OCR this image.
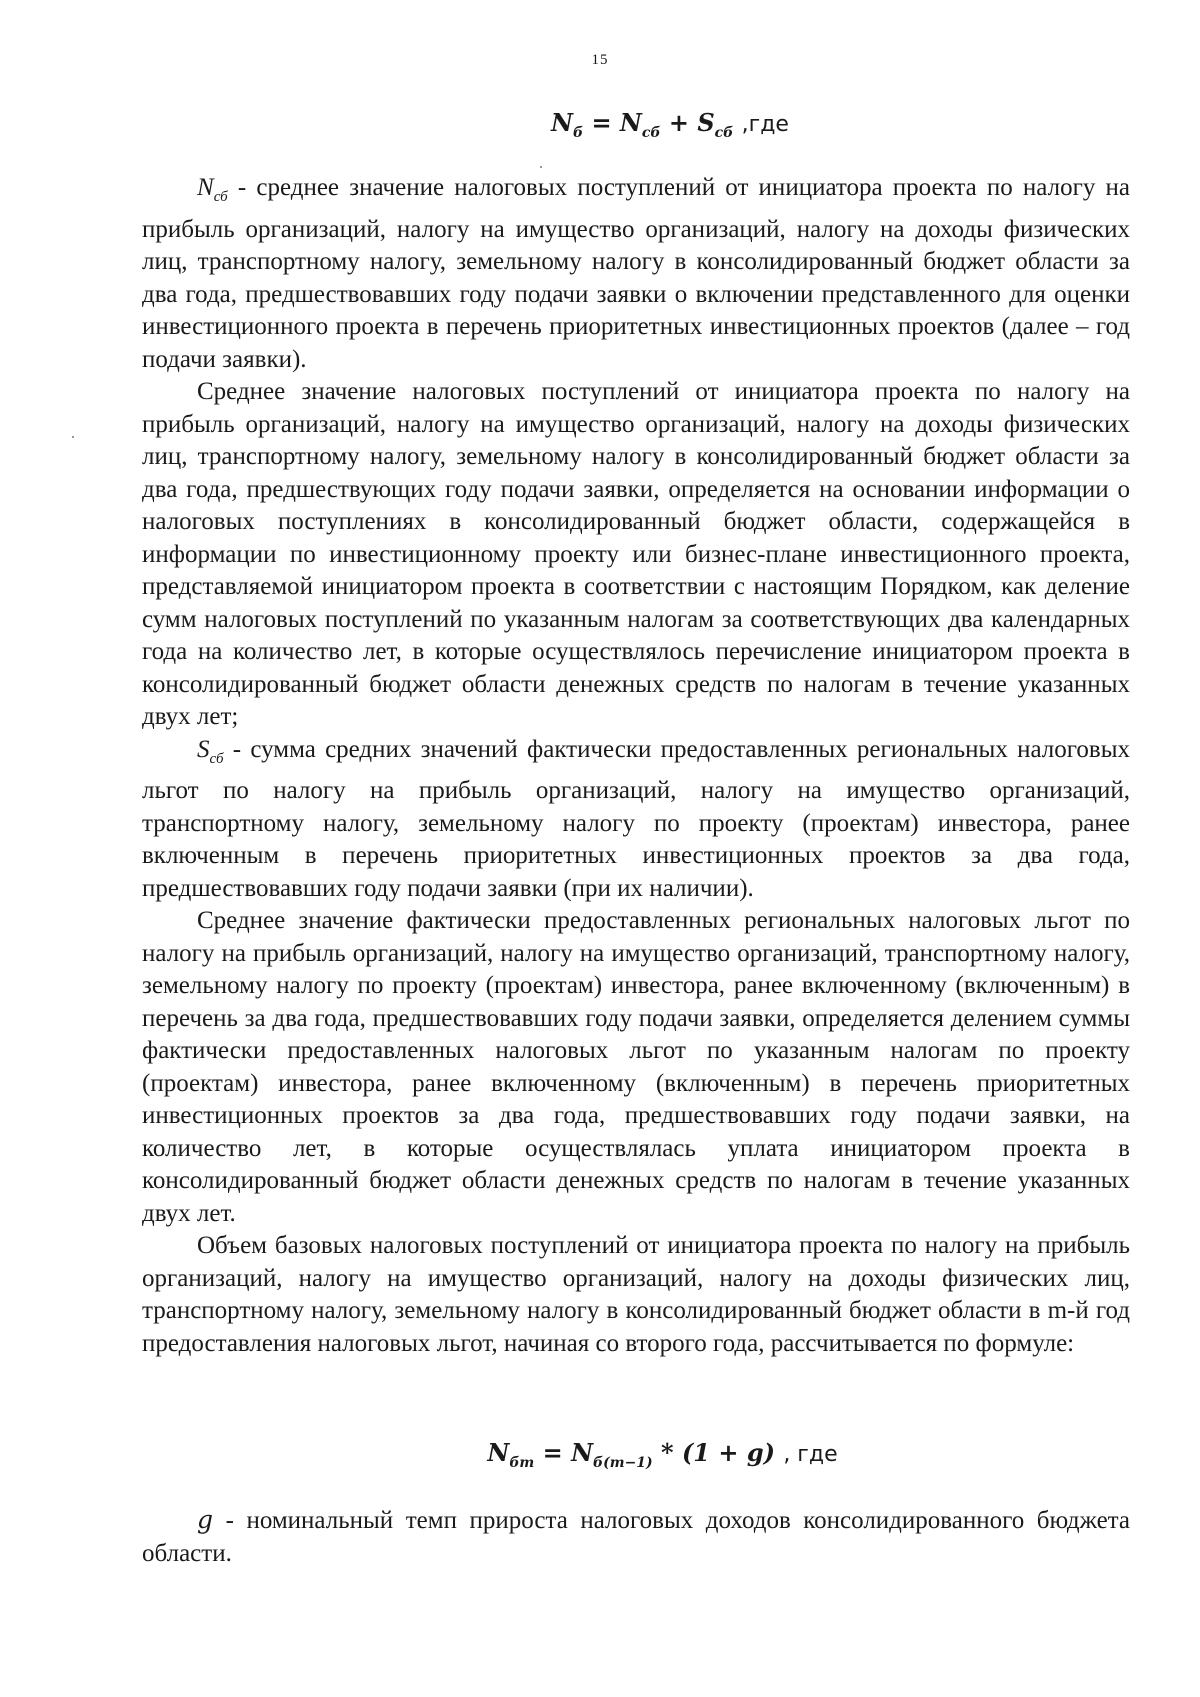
15
$N_б = N_{сб} + S_{сб}$ ,где

$N_{сб}$ - среднее значение налоговых поступлений от инициатора проекта по налогу на прибыль организаций, налогу на имущество организаций, налогу на доходы физических лиц, транспортному налогу, земельному налогу в консолидированный бюджет области за два года, предшествовавших году подачи заявки о включении представленного для оценки инвестиционного проекта в перечень приоритетных инвестиционных проектов (далее – год подачи заявки).

Среднее значение налоговых поступлений от инициатора проекта по налогу на прибыль организаций, налогу на имущество организаций, налогу на доходы физических лиц, транспортному налогу, земельному налогу в консолидированный бюджет области за два года, предшествующих году подачи заявки, определяется на основании информации о налоговых поступлениях в консолидированный бюджет области, содержащейся в информации по инвестиционному проекту или бизнес-плане инвестиционного проекта, представляемой инициатором проекта в соответствии с настоящим Порядком, как деление сумм налоговых поступлений по указанным налогам за соответствующих два календарных года на количество лет, в которые осуществлялось перечисление инициатором проекта в консолидированный бюджет области денежных средств по налогам в течение указанных двух лет;

$S_{сб}$ - сумма средних значений фактически предоставленных региональных налоговых льгот по налогу на прибыль организаций, налогу на имущество организаций, транспортному налогу, земельному налогу по проекту (проектам) инвестора, ранее включенным в перечень приоритетных инвестиционных проектов за два года, предшествовавших году подачи заявки (при их наличии).

Среднее значение фактически предоставленных региональных налоговых льгот по налогу на прибыль организаций, налогу на имущество организаций, транспортному налогу, земельному налогу по проекту (проектам) инвестора, ранее включенному (включенным) в перечень за два года, предшествовавших году подачи заявки, определяется делением суммы фактически предоставленных налоговых льгот по указанным налогам по проекту (проектам) инвестора, ранее включенному (включенным) в перечень приоритетных инвестиционных проектов за два года, предшествовавших году подачи заявки, на количество лет, в которые осуществлялась уплата инициатором проекта в консолидированный бюджет области денежных средств по налогам в течение указанных двух лет.

Объем базовых налоговых поступлений от инициатора проекта по налогу на прибыль организаций, налогу на имущество организаций, налогу на доходы физических лиц, транспортному налогу, земельному налогу в консолидированный бюджет области в m-й год предоставления налоговых льгот, начиная со второго года, рассчитывается по формуле:

$N_{бm} = N_{б(m-1)} * (1 + g)$ , где

g - номинальный темп прироста налоговых доходов консолидированного бюджета области.
